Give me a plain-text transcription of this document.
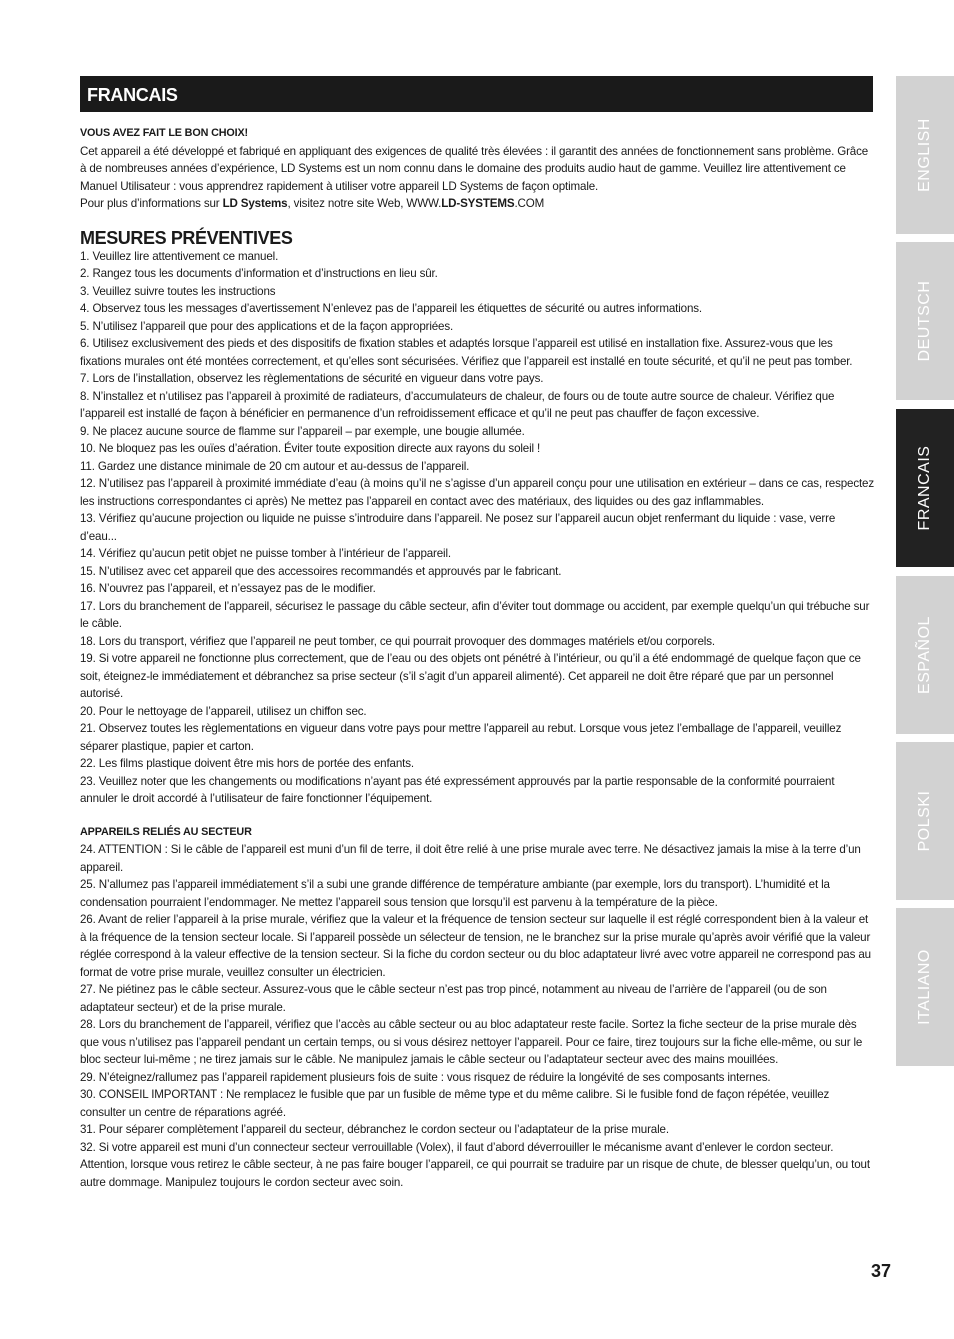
FRANCAIS

VOUS AVEZ FAIT LE BON CHOIX!

Cet appareil a été développé et fabriqué en appliquant des exigences de qualité très élevées : il garantit des années de fonctionnement sans problème. Grâce à de nombreuses années d’expérience, LD Systems est un nom connu dans le domaine des produits audio haut de gamme. Veuillez lire attentivement ce Manuel Utilisateur : vous apprendrez rapidement à utiliser votre appareil LD Systems de façon optimale.

Pour plus d’informations sur LD Systems, visitez notre site Web, WWW.LD-SYSTEMS.COM

MESURES PRÉVENTIVES

1. Veuillez lire attentivement ce manuel.

2. Rangez tous les documents d’information et d’instructions en lieu sûr.

3. Veuillez suivre toutes les instructions

4. Observez tous les messages d’avertissement N’enlevez pas de l’appareil les étiquettes de sécurité ou autres informations.

5. N’utilisez l’appareil que pour des applications et de la façon appropriées.

6. Utilisez exclusivement des pieds et des dispositifs de fixation stables et adaptés lorsque l’appareil est utilisé en installation fixe. Assurez-vous que les fixations murales ont été montées correctement, et qu’elles sont sécurisées. Vérifiez que l’appareil est installé en toute sécurité, et qu’il ne peut pas tomber.

7. Lors de l’installation, observez les règlementations de sécurité en vigueur dans votre pays.

8. N’installez et n’utilisez pas l’appareil à proximité de radiateurs, d’accumulateurs de chaleur, de fours ou de toute autre source de chaleur. Vérifiez que l’appareil est installé de façon à bénéficier en permanence d’un refroidissement efficace et qu’il ne peut pas chauffer de façon excessive.

9. Ne placez aucune source de flamme sur l’appareil – par exemple, une bougie allumée.

10. Ne bloquez pas les ouïes d’aération. Éviter toute exposition directe aux rayons du soleil !

11. Gardez une distance minimale de 20 cm autour et au-dessus de l’appareil.

12. N’utilisez pas l’appareil à proximité immédiate d’eau (à moins qu’il ne s’agisse d’un appareil conçu pour une utilisation en extérieur – dans ce cas, respectez les instructions correspondantes ci après) Ne mettez pas l’appareil en contact avec des matériaux, des liquides ou des gaz inflammables.

13. Vérifiez qu’aucune projection ou liquide ne puisse s’introduire dans l’appareil. Ne posez sur l’appareil aucun objet renfermant du liquide : vase, verre d’eau...

14. Vérifiez qu’aucun petit objet ne puisse tomber à l’intérieur de l’appareil.

15. N’utilisez avec cet appareil que des accessoires recommandés et approuvés par le fabricant.

16. N’ouvrez pas l’appareil, et n’essayez pas de le modifier.

17. Lors du branchement de l’appareil, sécurisez le passage du câble secteur, afin d’éviter tout dommage ou accident, par exemple quelqu’un qui trébuche sur le câble.

18. Lors du transport, vérifiez que l’appareil ne peut tomber, ce qui pourrait provoquer des dommages matériels et/ou corporels.

19. Si votre appareil ne fonctionne plus correctement, que de l’eau ou des objets ont pénétré à l’intérieur, ou qu’il a été endommagé de quelque façon que ce soit, éteignez-le immédiatement et débranchez sa prise secteur (s’il s’agit d’un appareil alimenté). Cet appareil ne doit être réparé que par un personnel autorisé.

20. Pour le nettoyage de l’appareil, utilisez un chiffon sec.

21. Observez toutes les règlementations en vigueur dans votre pays pour mettre l’appareil au rebut. Lorsque vous jetez l’emballage de l’appareil, veuillez séparer plastique, papier et carton.

22. Les films plastique doivent être mis hors de portée des enfants.

23. Veuillez noter que les changements ou modifications n’ayant pas été expressément approuvés par la partie responsable de la conformité pourraient annuler le droit accordé à l’utilisateur de faire fonctionner l’équipement.

APPAREILS RELIÉS AU SECTEUR

24. ATTENTION : Si le câble de l’appareil est muni d’un fil de terre, il doit être relié à une prise murale avec terre. Ne désactivez jamais la mise à la terre d’un appareil.

25. N’allumez pas l’appareil immédiatement s’il a subi une grande différence de température ambiante (par exemple, lors du transport). L’humidité et la condensation pourraient l’endommager. Ne mettez l’appareil sous tension que lorsqu’il est parvenu à la température de la pièce.

26. Avant de relier l’appareil à la prise murale, vérifiez que la valeur et la fréquence de tension secteur sur laquelle il est réglé correspondent bien à la valeur et à la fréquence de la tension secteur locale. Si l’appareil possède un sélecteur de tension, ne le branchez sur la prise murale qu’après avoir vérifié que la valeur réglée correspond à la valeur effective de la tension secteur. Si la fiche du cordon secteur ou du bloc adaptateur livré avec votre appareil ne correspond pas au format de votre prise murale, veuillez consulter un électricien.

27. Ne piétinez pas le câble secteur. Assurez-vous que le câble secteur n’est pas trop pincé, notamment au niveau de l’arrière de l’appareil (ou de son adaptateur secteur) et de la prise murale.

28. Lors du branchement de l’appareil, vérifiez que l’accès au câble secteur ou au bloc adaptateur reste facile. Sortez la fiche secteur de la prise murale dès que vous n’utilisez pas l’appareil pendant un certain temps, ou si vous désirez nettoyer l’appareil. Pour ce faire, tirez toujours sur la fiche elle-même, ou sur le bloc secteur lui-même ; ne tirez jamais sur le câble. Ne manipulez jamais le câble secteur ou l’adaptateur secteur avec des mains mouillées.

29. N’éteignez/rallumez pas l’appareil rapidement plusieurs fois de suite : vous risquez de réduire la longévité de ses composants internes.

30. CONSEIL IMPORTANT : Ne remplacez le fusible que par un fusible de même type et du même calibre. Si le fusible fond de façon répétée, veuillez consulter un centre de réparations agréé.

31. Pour séparer complètement l’appareil du secteur, débranchez le cordon secteur ou l’adaptateur de la prise murale.

32. Si votre appareil est muni d’un connecteur secteur verrouillable (Volex), il faut d’abord déverrouiller le mécanisme avant d’enlever le cordon secteur. Attention, lorsque vous retirez le câble secteur, à ne pas faire bouger l’appareil, ce qui pourrait se traduire par un risque de chute, de blesser quelqu’un, ou tout autre dommage. Manipulez toujours le cordon secteur avec soin.

ENGLISH
DEUTSCH
FRANCAIS
ESPAÑOL
POLSKI
ITALIANO
37
